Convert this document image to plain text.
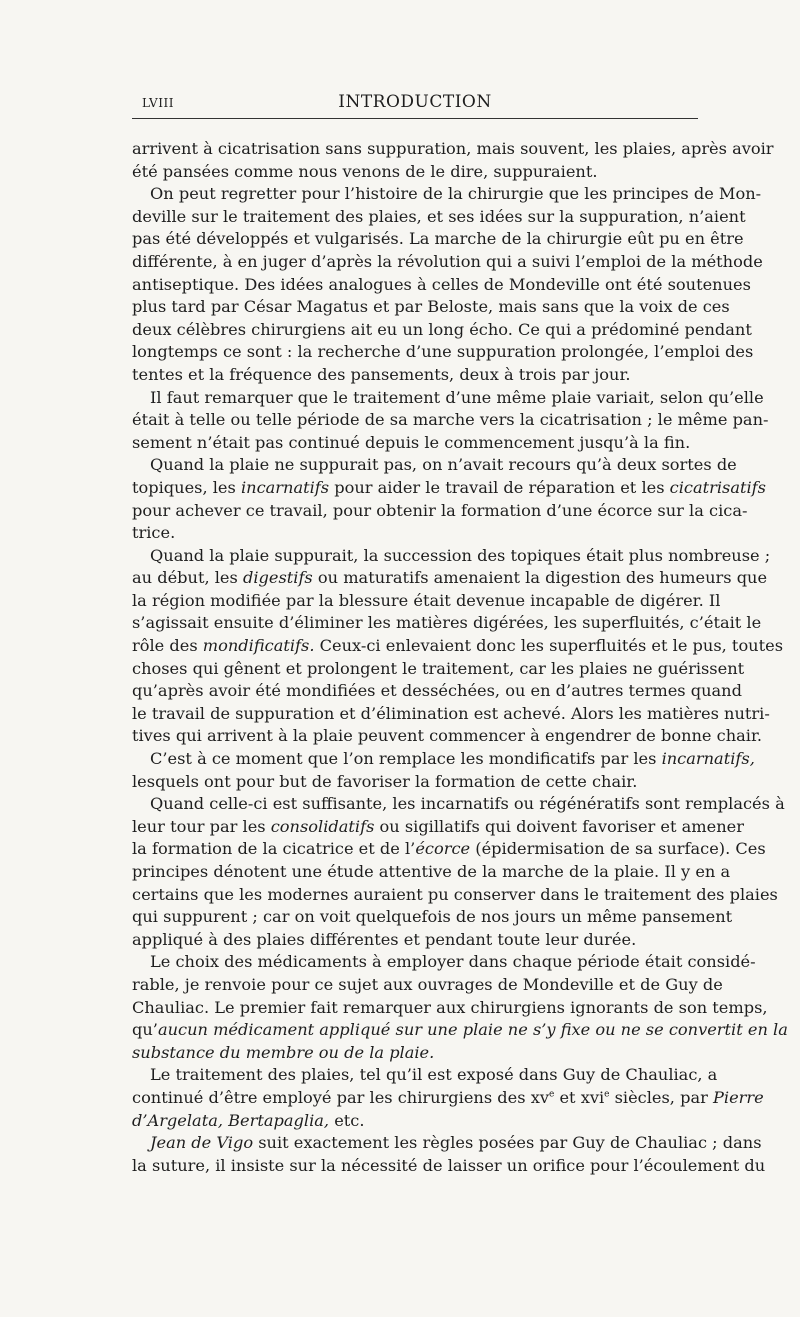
LVIII	INTRODUCTION
arrivent à cicatrisation sans suppuration, mais souvent, les plaies, après avoir
été pansées comme nous venons de le dire, suppuraient.
On peut regretter pour l’histoire de la chirurgie que les principes de Mon-
deville sur le traitement des plaies, et ses idées sur la suppuration, n’aient
pas été développés et vulgarisés. La marche de la chirurgie eût pu en être
différente, à en juger d’après la révolution qui a suivi l’emploi de la méthode
antiseptique. Des idées analogues à celles de Mondeville ont été soutenues
plus tard par César Magatus et par Beloste, mais sans que la voix de ces
deux célèbres chirurgiens ait eu un long écho. Ce qui a prédominé pendant
longtemps ce sont : la recherche d’une suppuration prolongée, l’emploi des
tentes et la fréquence des pansements, deux à trois par jour.
Il faut remarquer que le traitement d’une même plaie variait, selon qu’elle
était à telle ou telle période de sa marche vers la cicatrisation ; le même pan-
sement n’était pas continué depuis le commencement jusqu’à la fin.
Quand la plaie ne suppurait pas, on n’avait recours qu’à deux sortes de
topiques, les incarnatifs pour aider le travail de réparation et les cicatrisatifs
pour achever ce travail, pour obtenir la formation d’une écorce sur la cica-
trice.
Quand la plaie suppurait, la succession des topiques était plus nombreuse ;
au début, les digestifs ou maturatifs amenaient la digestion des humeurs que
la région modifiée par la blessure était devenue incapable de digérer. Il
s’agissait ensuite d’éliminer les matières digérées, les superfluités, c’était le
rôle des mondificatifs. Ceux-ci enlevaient donc les superfluités et le pus, toutes
choses qui gênent et prolongent le traitement, car les plaies ne guérissent
qu’après avoir été mondifiées et desséchées, ou en d’autres termes quand
le travail de suppuration et d’élimination est achevé. Alors les matières nutri-
tives qui arrivent à la plaie peuvent commencer à engendrer de bonne chair.
C’est à ce moment que l’on remplace les mondificatifs par les incarnatifs,
lesquels ont pour but de favoriser la formation de cette chair.
Quand celle-ci est suffisante, les incarnatifs ou régénératifs sont remplacés à
leur tour par les consolidatifs ou sigillatifs qui doivent favoriser et amener
la formation de la cicatrice et de l’écorce (épidermisation de sa surface). Ces
principes dénotent une étude attentive de la marche de la plaie. Il y en a
certains que les modernes auraient pu conserver dans le traitement des plaies
qui suppurent ; car on voit quelquefois de nos jours un même pansement
appliqué à des plaies différentes et pendant toute leur durée.
Le choix des médicaments à employer dans chaque période était considé-
rable, je renvoie pour ce sujet aux ouvrages de Mondeville et de Guy de
Chauliac. Le premier fait remarquer aux chirurgiens ignorants de son temps,
qu’aucun médicament appliqué sur une plaie ne s’y fixe ou ne se convertit en la
substance du membre ou de la plaie.
Le traitement des plaies, tel qu’il est exposé dans Guy de Chauliac, a
continué d’être employé par les chirurgiens des $xv^e$ et xvi$^e$ siècles, par Pierre
d’Argelata, Bertapaglia, etc.
Jean de Vigo suit exactement les règles posées par Guy de Chauliac ; dans
la suture, il insiste sur la nécessité de laisser un orifice pour l’écoulement du
